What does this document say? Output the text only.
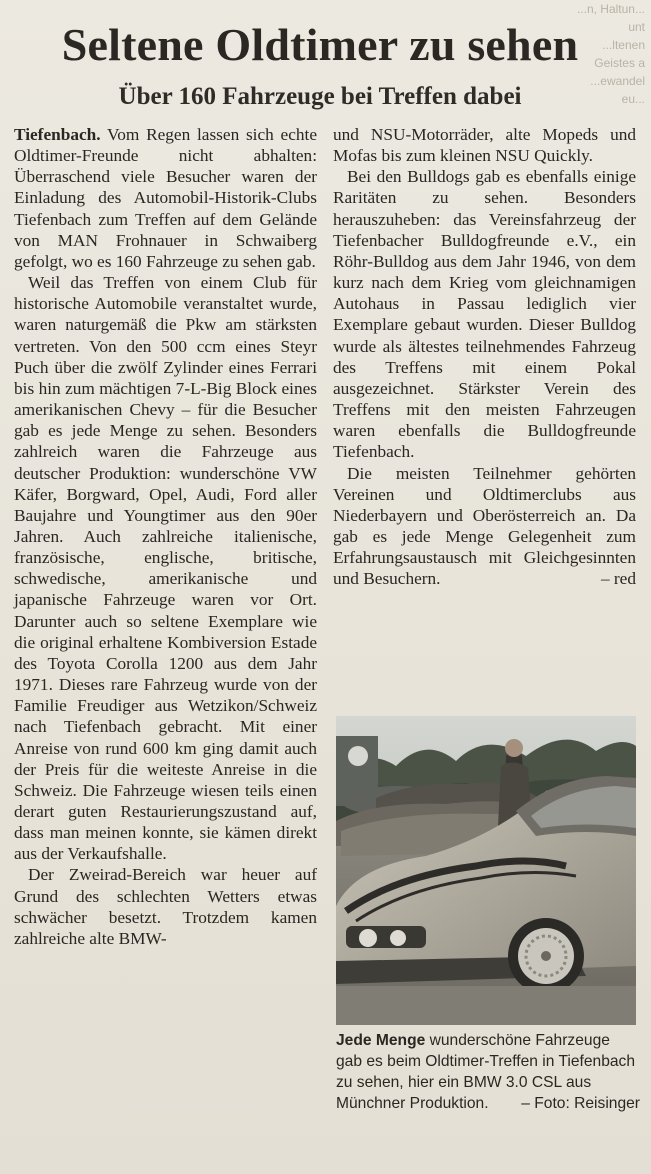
...n, Haltun... unt
...ltenen Geistes a
...ewandel eu...
Seltene Oldtimer zu sehen
Über 160 Fahrzeuge bei Treffen dabei

Tiefenbach. Vom Regen lassen sich echte Oldtimer-Freunde nicht abhalten: Überraschend viele Besucher waren der Einladung des Automobil-Historik-Clubs Tiefenbach zum Treffen auf dem Gelände von MAN Frohnauer in Schwaiberg gefolgt, wo es 160 Fahrzeuge zu sehen gab.

Weil das Treffen von einem Club für historische Automobile veranstaltet wurde, waren naturgemäß die Pkw am stärksten vertreten. Von den 500 ccm eines Steyr Puch über die zwölf Zylinder eines Ferrari bis hin zum mächtigen 7-L-Big Block eines amerikanischen Chevy – für die Besucher gab es jede Menge zu sehen. Besonders zahlreich waren die Fahrzeuge aus deutscher Produktion: wunderschöne VW Käfer, Borgward, Opel, Audi, Ford aller Baujahre und Youngtimer aus den 90er Jahren. Auch zahlreiche italienische, französische, englische, britische, schwedische, amerikanische und japanische Fahrzeuge waren vor Ort. Darunter auch so seltene Exemplare wie die original erhaltene Kombiversion Estade des Toyota Corolla 1200 aus dem Jahr 1971. Dieses rare Fahrzeug wurde von der Familie Freudiger aus Wetzikon/Schweiz nach Tiefenbach gebracht. Mit einer Anreise von rund 600 km ging damit auch der Preis für die weiteste Anreise in die Schweiz. Die Fahrzeuge wiesen teils einen derart guten Restaurierungszustand auf, dass man meinen konnte, sie kämen direkt aus der Verkaufshalle.

Der Zweirad-Bereich war heuer auf Grund des schlechten Wetters etwas schwächer besetzt. Trotzdem kamen zahlreiche alte BMW-

und NSU-Motorräder, alte Mopeds und Mofas bis zum kleinen NSU Quickly.

Bei den Bulldogs gab es ebenfalls einige Raritäten zu sehen. Besonders herauszuheben: das Vereinsfahrzeug der Tiefenbacher Bulldogfreunde e.V., ein Röhr-Bulldog aus dem Jahr 1946, von dem kurz nach dem Krieg vom gleichnamigen Autohaus in Passau lediglich vier Exemplare gebaut wurden. Dieser Bulldog wurde als ältestes teilnehmendes Fahrzeug des Treffens mit einem Pokal ausgezeichnet. Stärkster Verein des Treffens mit den meisten Fahrzeugen waren ebenfalls die Bulldogfreunde Tiefenbach.

Die meisten Teilnehmer gehörten Vereinen und Oldtimerclubs aus Niederbayern und Oberösterreich an. Da gab es jede Menge Gelegenheit zum Erfahrungsaustausch mit Gleichgesinnten und Besuchern.	– red

Jede Menge wunderschöne Fahrzeuge gab es beim Oldtimer-Treffen in Tiefenbach zu sehen, hier ein BMW 3.0 CSL aus Münchner Produktion. – Foto: Reisinger
